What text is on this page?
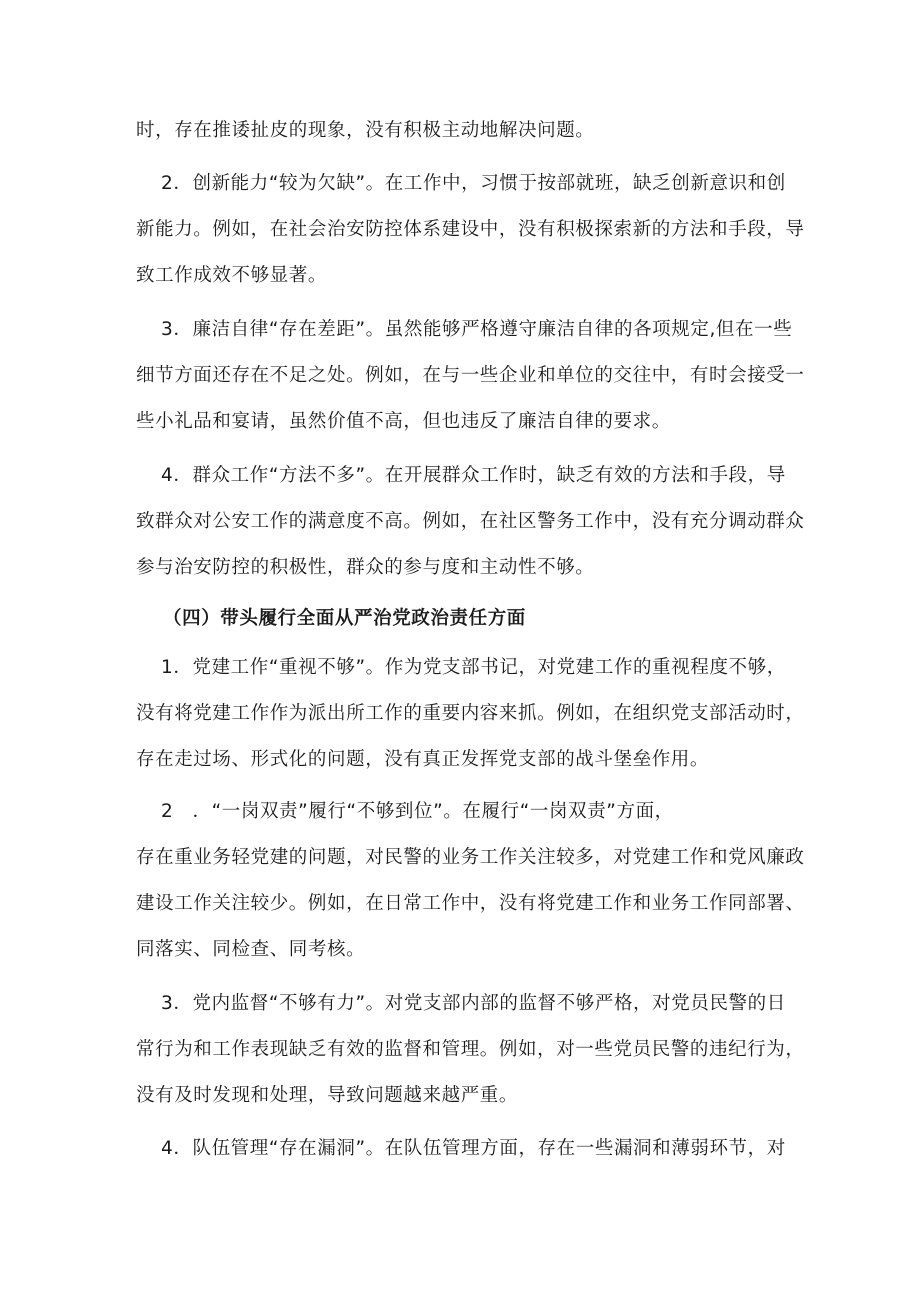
时，存在推诿扯皮的现象，没有积极主动地解决问题。
2．创新能力“较为欠缺”。在工作中，习惯于按部就班，缺乏创新意识和创
新能力。例如，在社会治安防控体系建设中，没有积极探索新的方法和手段，导
致工作成效不够显著。
3．廉洁自律“存在差距”。虽然能够严格遵守廉洁自律的各项规定,但在一些
细节方面还存在不足之处。例如，在与一些企业和单位的交往中，有时会接受一
些小礼品和宴请，虽然价值不高，但也违反了廉洁自律的要求。
4．群众工作“方法不多”。在开展群众工作时，缺乏有效的方法和手段，导
致群众对公安工作的满意度不高。例如，在社区警务工作中，没有充分调动群众
参与治安防控的积极性，群众的参与度和主动性不够。
（四）带头履行全面从严治党政治责任方面
1．党建工作“重视不够”。作为党支部书记，对党建工作的重视程度不够，
没有将党建工作作为派出所工作的重要内容来抓。例如，在组织党支部活动时，
存在走过场、形式化的问题，没有真正发挥党支部的战斗堡垒作用。
2　．“一岗双责”履行“不够到位”。在履行“一岗双责”方面，
存在重业务轻党建的问题，对民警的业务工作关注较多，对党建工作和党风廉政
建设工作关注较少。例如，在日常工作中，没有将党建工作和业务工作同部署、
同落实、同检查、同考核。
3．党内监督“不够有力”。对党支部内部的监督不够严格，对党员民警的日
常行为和工作表现缺乏有效的监督和管理。例如，对一些党员民警的违纪行为，
没有及时发现和处理，导致问题越来越严重。
4．队伍管理“存在漏洞”。在队伍管理方面，存在一些漏洞和薄弱环节，对
